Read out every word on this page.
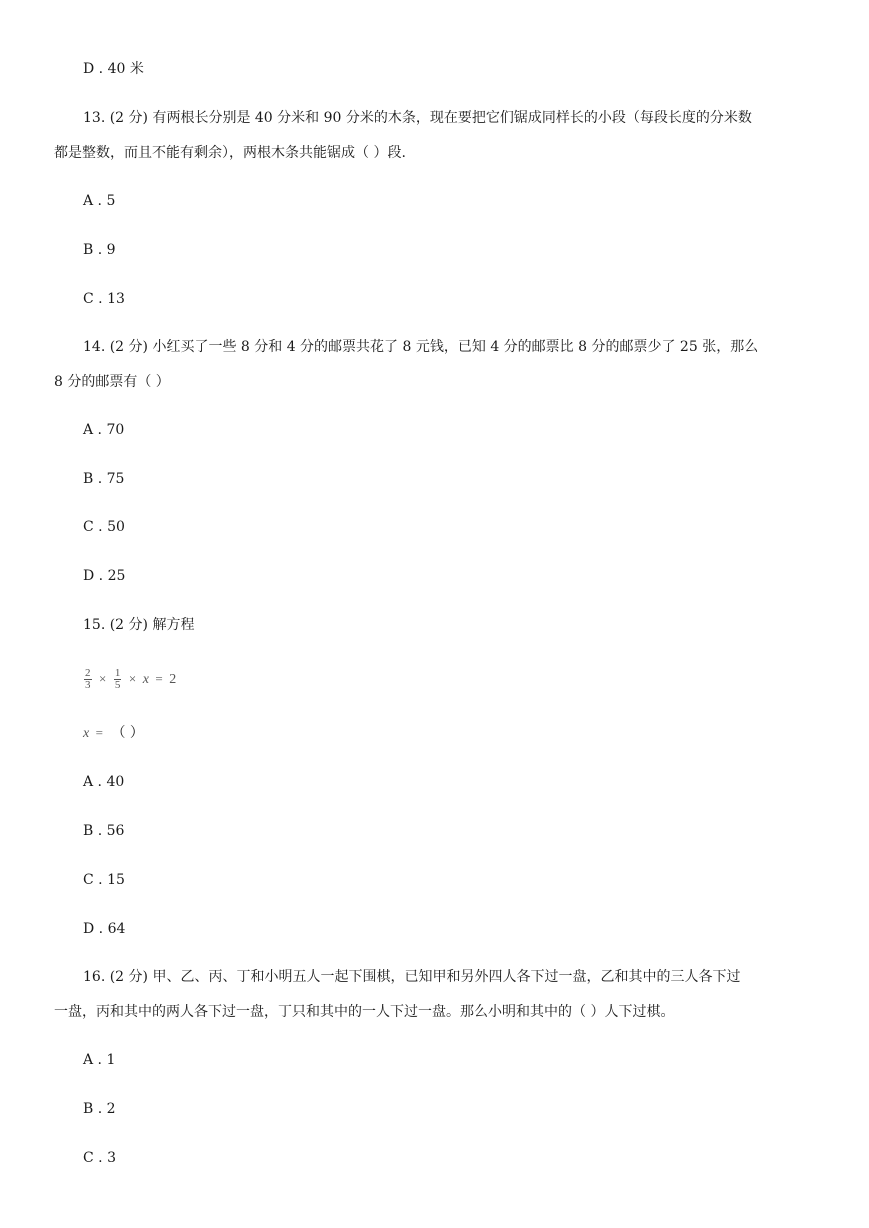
D . 40 米
13. (2 分) 有两根长分别是 40 分米和 90 分米的木条，现在要把它们锯成同样长的小段（每段长度的分米数
都是整数，而且不能有剩余），两根木条共能锯成（ ）段.
A . 5
B . 9
C . 13
14. (2 分) 小红买了一些 8 分和 4 分的邮票共花了 8 元钱，已知 4 分的邮票比 8 分的邮票少了 25 张，那么
8 分的邮票有（ ）
A . 70
B . 75
C . 50
D . 25
15. (2 分) 解方程
$\frac{2}{3} \times \frac{1}{5} \times x = 2$
x = （ ）
A . 40
B . 56
C . 15
D . 64
16. (2 分) 甲、乙、丙、丁和小明五人一起下围棋，已知甲和另外四人各下过一盘，乙和其中的三人各下过
一盘，丙和其中的两人各下过一盘，丁只和其中的一人下过一盘。那么小明和其中的（ ）人下过棋。
A . 1
B . 2
C . 3
